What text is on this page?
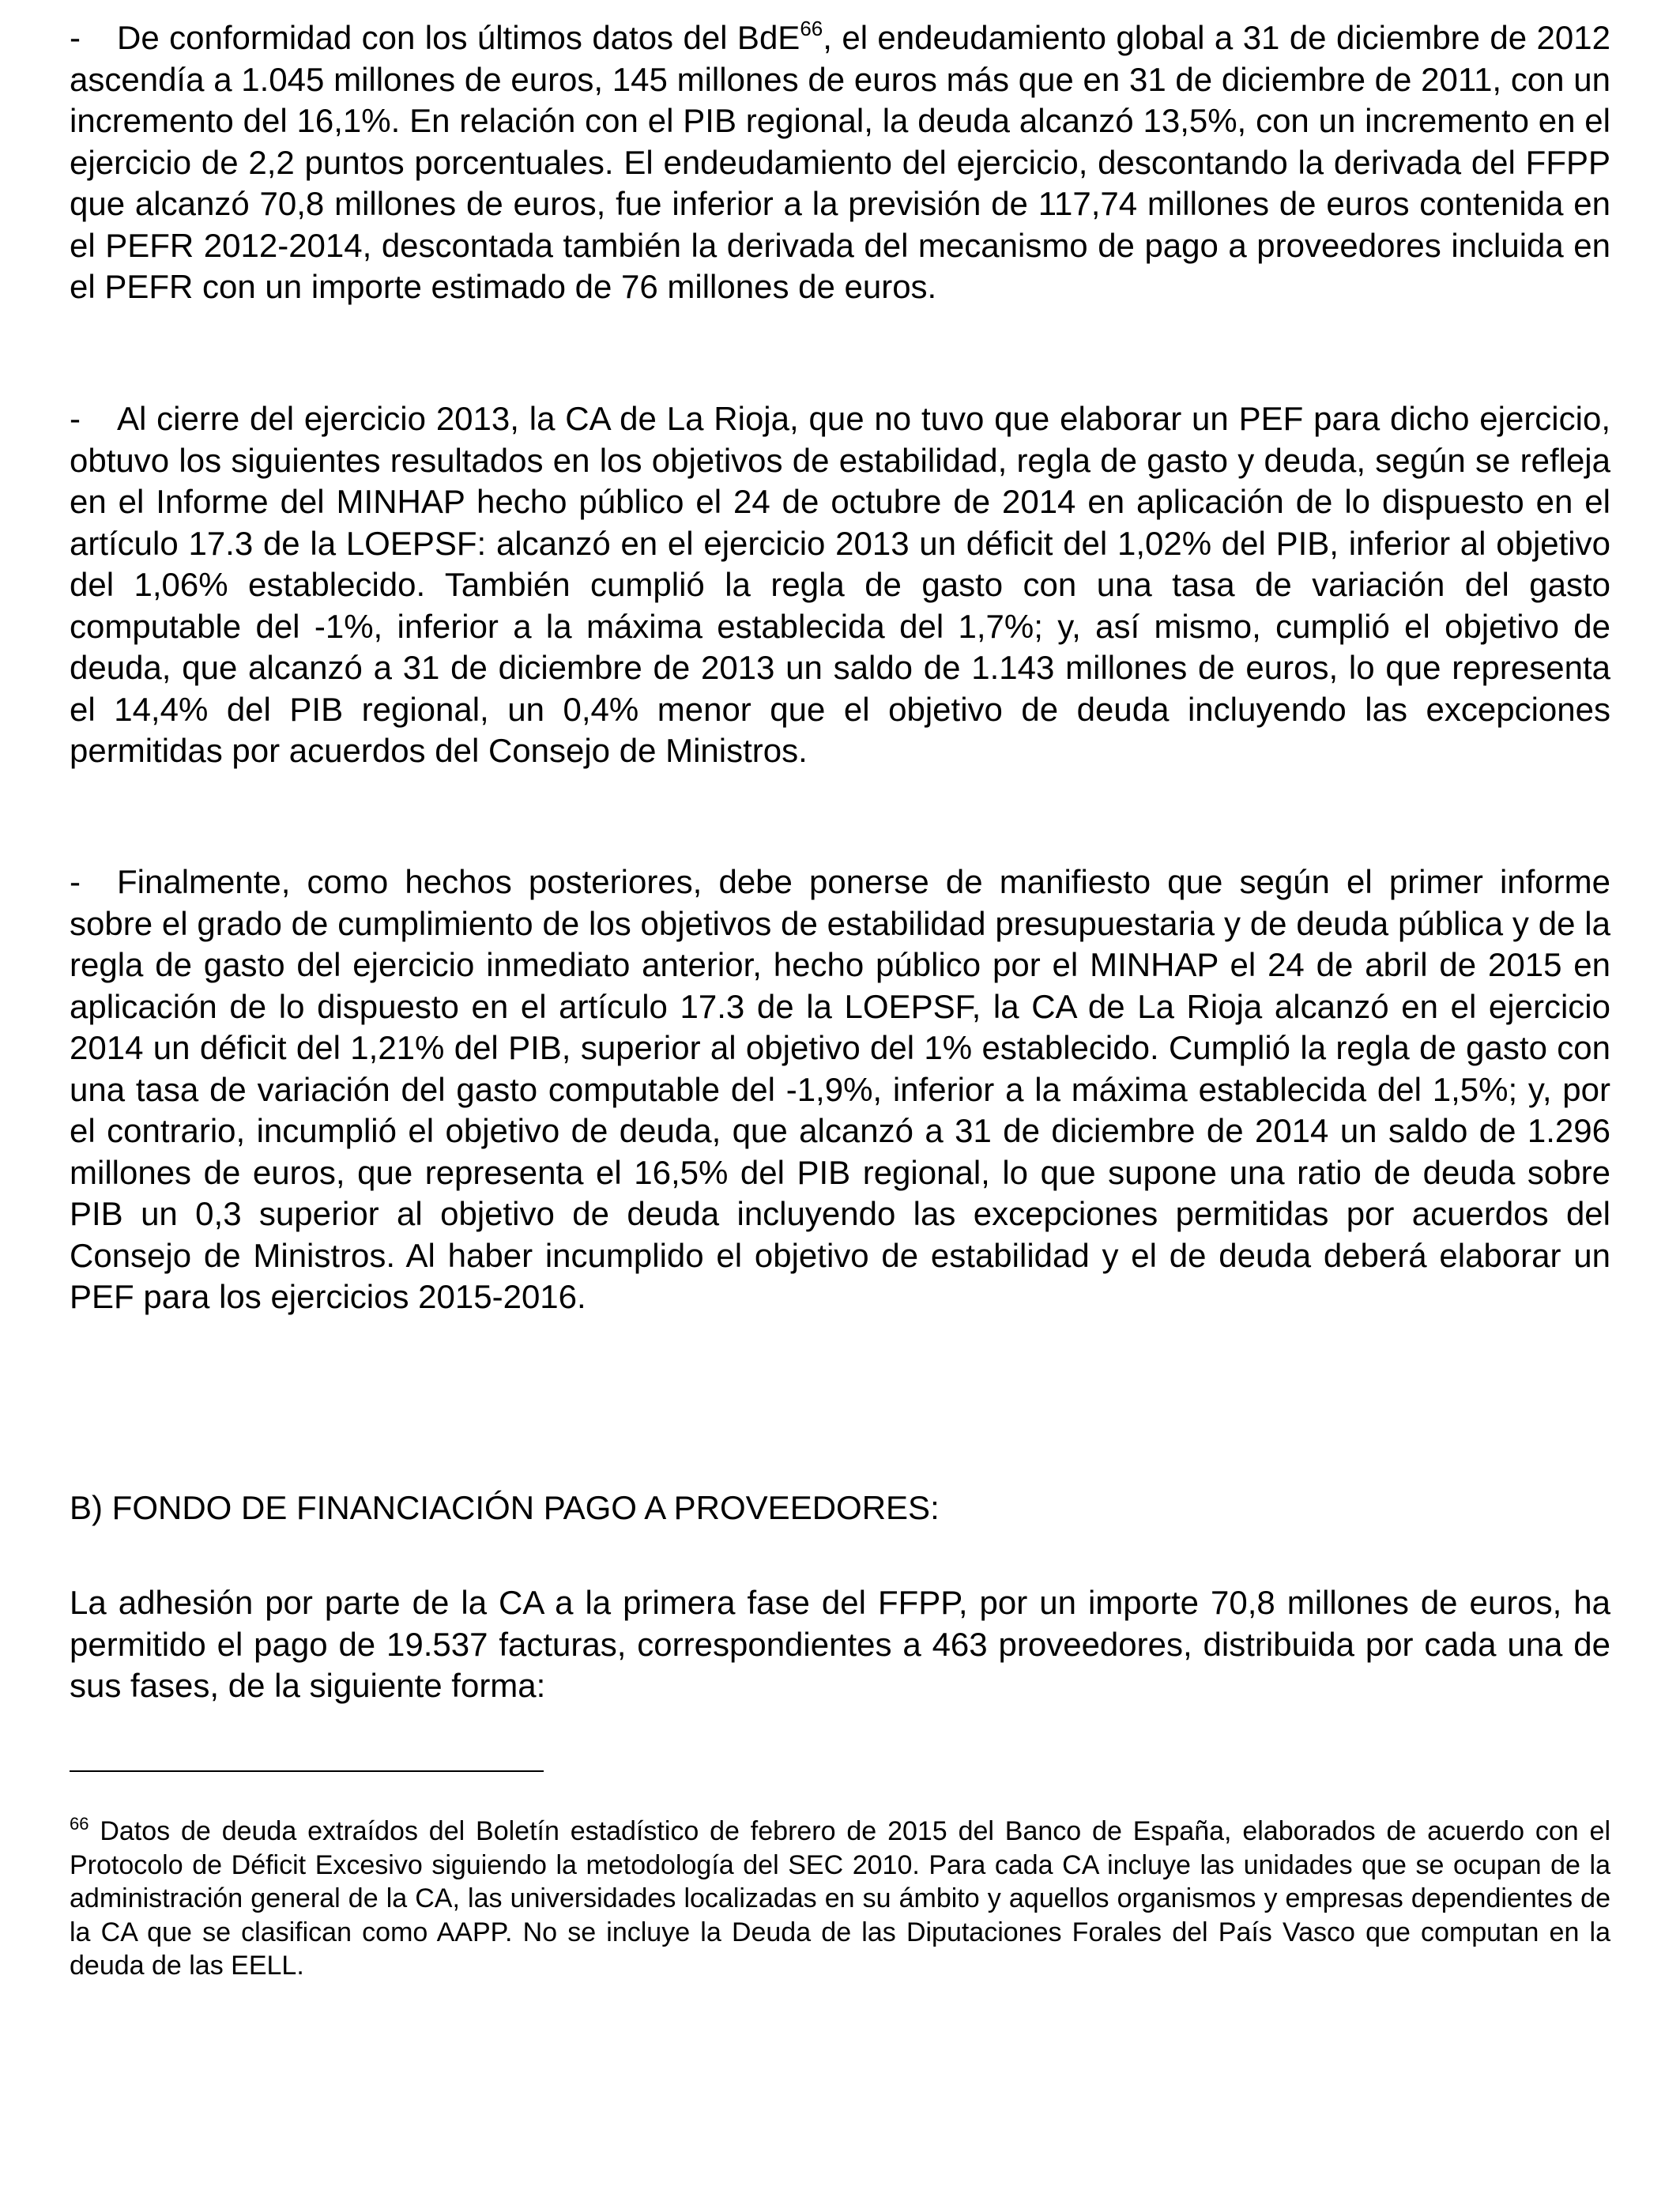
- De conformidad con los últimos datos del BdE$^{66}$, el endeudamiento global a 31 de diciembre de 2012 ascendía a 1.045 millones de euros, 145 millones de euros más que en 31 de diciembre de 2011, con un incremento del 16,1%. En relación con el PIB regional, la deuda alcanzó 13,5%, con un incremento en el ejercicio de 2,2 puntos porcentuales. El endeudamiento del ejercicio, descontando la derivada del FFPP que alcanzó 70,8 millones de euros, fue inferior a la previsión de 117,74 millones de euros contenida en el PEFR 2012-2014, descontada también la derivada del mecanismo de pago a proveedores incluida en el PEFR con un importe estimado de 76 millones de euros.

- Al cierre del ejercicio 2013, la CA de La Rioja, que no tuvo que elaborar un PEF para dicho ejercicio, obtuvo los siguientes resultados en los objetivos de estabilidad, regla de gasto y deuda, según se refleja en el Informe del MINHAP hecho público el 24 de octubre de 2014 en aplicación de lo dispuesto en el artículo 17.3 de la LOEPSF: alcanzó en el ejercicio 2013 un déficit del 1,02% del PIB, inferior al objetivo del 1,06% establecido. También cumplió la regla de gasto con una tasa de variación del gasto computable del -1%, inferior a la máxima establecida del 1,7%; y, así mismo, cumplió el objetivo de deuda, que alcanzó a 31 de diciembre de 2013 un saldo de 1.143 millones de euros, lo que representa el 14,4% del PIB regional, un 0,4% menor que el objetivo de deuda incluyendo las excepciones permitidas por acuerdos del Consejo de Ministros.

- Finalmente, como hechos posteriores, debe ponerse de manifiesto que según el primer informe sobre el grado de cumplimiento de los objetivos de estabilidad presupuestaria y de deuda pública y de la regla de gasto del ejercicio inmediato anterior, hecho público por el MINHAP el 24 de abril de 2015 en aplicación de lo dispuesto en el artículo 17.3 de la LOEPSF, la CA de La Rioja alcanzó en el ejercicio 2014 un déficit del 1,21% del PIB, superior al objetivo del 1% establecido. Cumplió la regla de gasto con una tasa de variación del gasto computable del -1,9%, inferior a la máxima establecida del 1,5%; y, por el contrario, incumplió el objetivo de deuda, que alcanzó a 31 de diciembre de 2014 un saldo de 1.296 millones de euros, que representa el 16,5% del PIB regional, lo que supone una ratio de deuda sobre PIB un 0,3 superior al objetivo de deuda incluyendo las excepciones permitidas por acuerdos del Consejo de Ministros. Al haber incumplido el objetivo de estabilidad y el de deuda deberá elaborar un PEF para los ejercicios 2015-2016.

B) FONDO DE FINANCIACIÓN PAGO A PROVEEDORES:

La adhesión por parte de la CA a la primera fase del FFPP, por un importe 70,8 millones de euros, ha permitido el pago de 19.537 facturas, correspondientes a 463 proveedores, distribuida por cada una de sus fases, de la siguiente forma:

$^{66}$ Datos de deuda extraídos del Boletín estadístico de febrero de 2015 del Banco de España, elaborados de acuerdo con el Protocolo de Déficit Excesivo siguiendo la metodología del SEC 2010. Para cada CA incluye las unidades que se ocupan de la administración general de la CA, las universidades localizadas en su ámbito y aquellos organismos y empresas dependientes de la CA que se clasifican como AAPP. No se incluye la Deuda de las Diputaciones Forales del País Vasco que computan en la deuda de las EELL.
